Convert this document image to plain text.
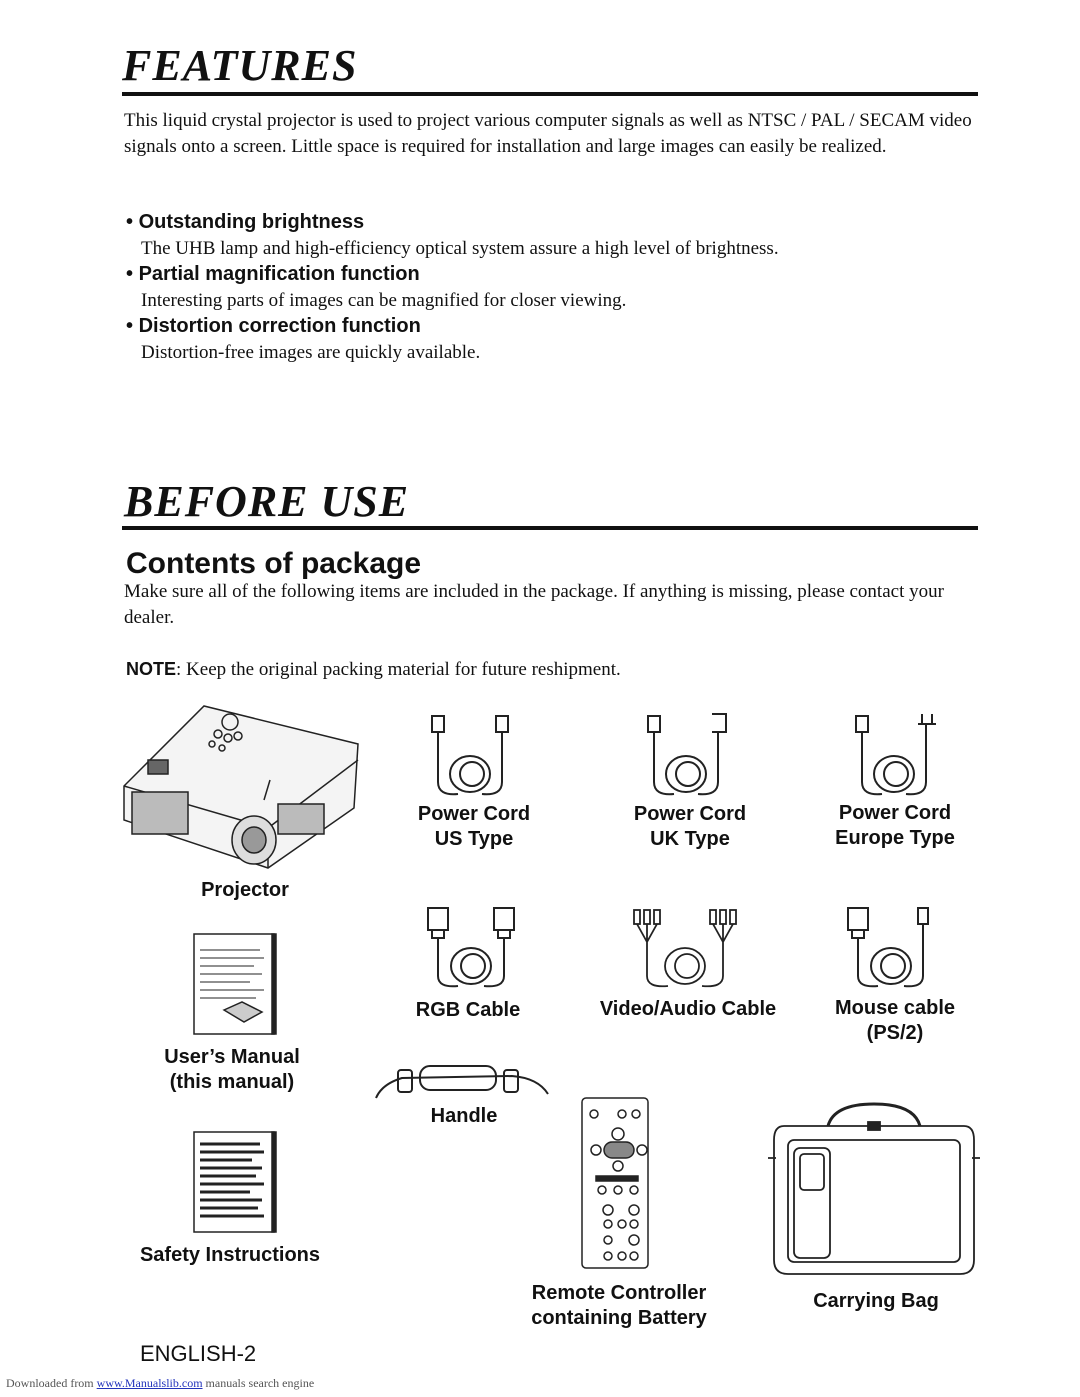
FEATURES

This liquid crystal projector is used to project various computer signals as well as NTSC / PAL / SECAM video signals onto a screen. Little space is required for installation and large images can easily be realized.

• Outstanding brightness
The UHB lamp and high-efficiency optical system assure a high level of brightness.
• Partial magnification function
Interesting parts of images can be magnified for closer viewing.
• Distortion correction function
Distortion-free images are quickly available.
BEFORE USE
Contents of package

Make sure all of the following items are included in the package. If anything is missing, please contact your dealer.

NOTE: Keep the original packing material for future reshipment.
Projector
Power Cord
US Type
Power Cord
UK Type
Power Cord
Europe Type
User’s Manual
(this manual)
RGB Cable	Video/Audio Cable	Mouse cable
(PS/2)
Handle
Safety Instructions
Remote Controller
containing Battery
Carrying Bag
ENGLISH-2
Downloaded from www.Manualslib.com manuals search engine
